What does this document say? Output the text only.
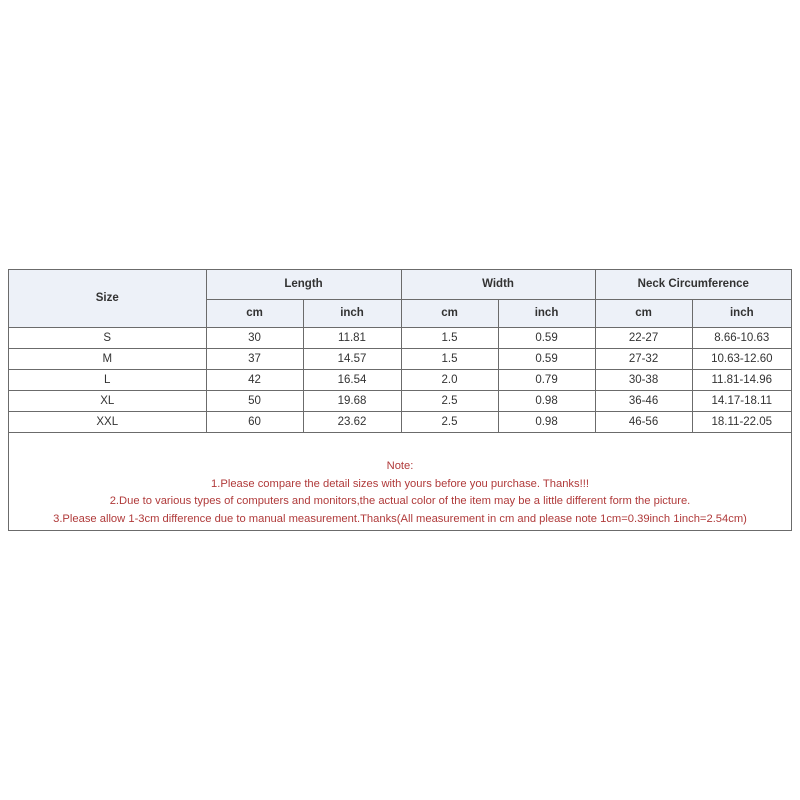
Size	Length		Width		Neck Circumference	
	cm	inch	cm	inch	cm	inch
S	30	11.81	1.5	0.59	22-27	8.66-10.63
M	37	14.57	1.5	0.59	27-32	10.63-12.60
L	42	16.54	2.0	0.79	30-38	11.81-14.96
XL	50	19.68	2.5	0.98	36-46	14.17-18.11
XXL	60	23.62	2.5	0.98	46-56	18.11-22.05
Note:
1.Please compare the detail sizes with yours before you purchase. Thanks!!!
2.Due to various types of computers and monitors,the actual color of the item may be a little different form the picture.
3.Please allow 1-3cm difference due to manual measurement.Thanks(All measurement in cm and please note 1cm=0.39inch 1inch=2.54cm)
